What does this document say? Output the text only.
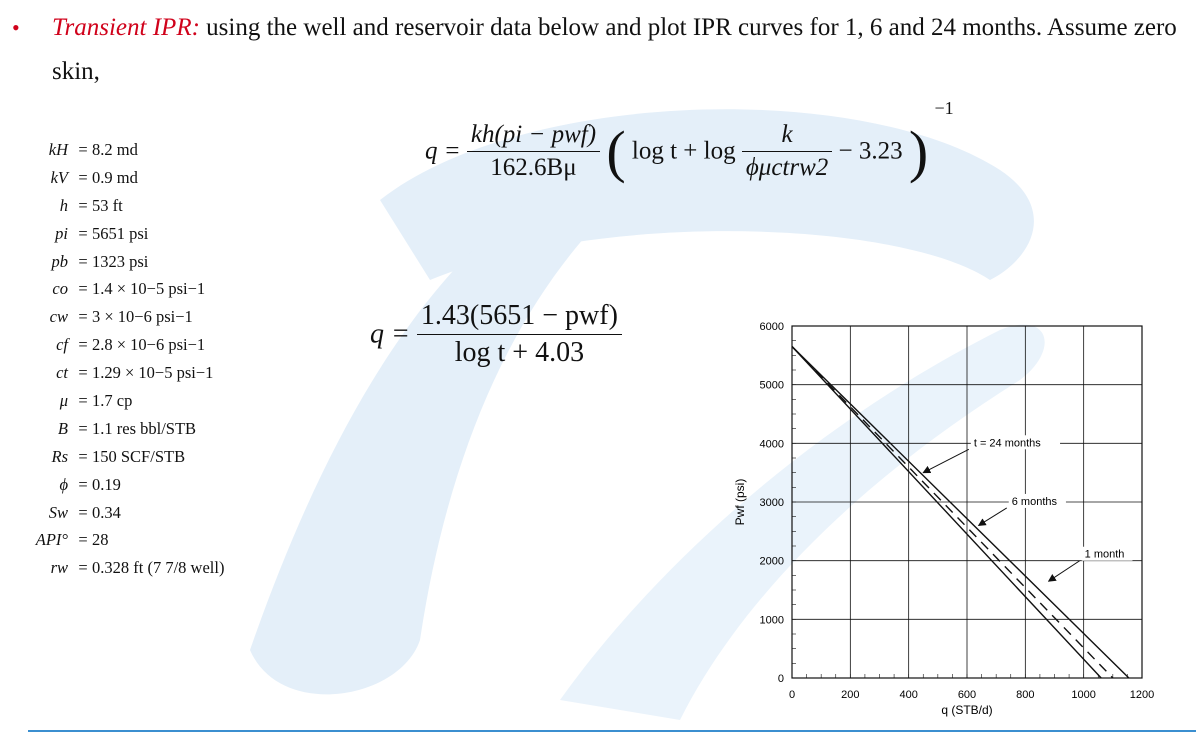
• Transient IPR: using the well and reservoir data below and plot IPR curves for 1, 6 and 24 months. Assume zero skin,
kH	=	8.2 md
kV	=	0.9 md
h	=	53 ft
pi	=	5651 psi
pb	=	1323 psi
co	=	1.4 × 10−5 psi−1
cw	=	3 × 10−6 psi−1
cf	=	2.8 × 10−6 psi−1
ct	=	1.29 × 10−5 psi−1
μ	=	1.7 cp
B	=	1.1 res bbl/STB
Rs	=	150 SCF/STB
ϕ	=	0.19
Sw	=	0.34
API°	=	28
rw	=	0.328 ft (7 7/8 well)
$q = \frac{\text{kh(pi − pwf)}}{162.6B\mu}$ ( $\log t + \log \frac{k}{\text{ϕμctrw2}} - 3.23$ ) $^{-1}$
$q = \frac{\text{1.43(5651 − pwf)}}{\text{log t + 4.03}}$
0	200	400	600	800	1000	1200
0
1000
2000
3000
4000
5000
6000
q (STB/d)
Pwf (psi)
t = 24 months
6 months
1 month
